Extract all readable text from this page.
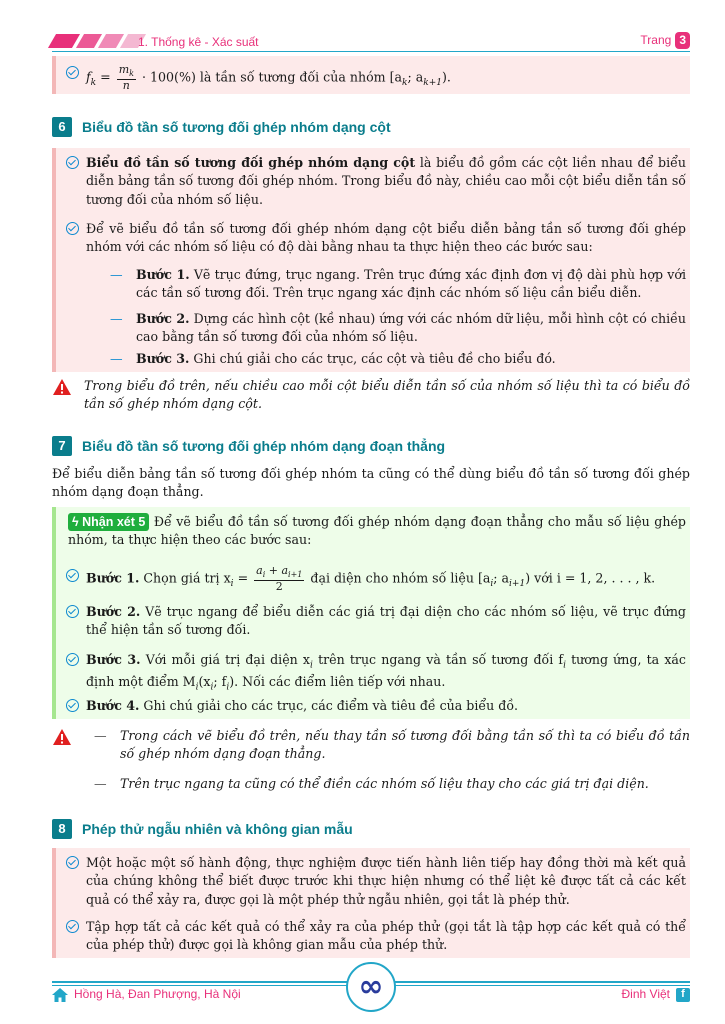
1. Thống kê - Xác suất	Trang 3
$f_k = \frac{m_k}{n} \cdot 100(\%)$ là tần số tương đối của nhóm [$a_k$; $a_{k+1}$).
6	Biểu đồ tần số tương đối ghép nhóm dạng cột
Biểu đồ tần số tương đối ghép nhóm dạng cột là biểu đồ gồm các cột liền nhau để biểu diễn bảng tần số tương đối ghép nhóm. Trong biểu đồ này, chiều cao mỗi cột biểu diễn tần số tương đối của nhóm số liệu.
Để vẽ biểu đồ tần số tương đối ghép nhóm dạng cột biểu diễn bảng tần số tương đối ghép nhóm với các nhóm số liệu có độ dài bằng nhau ta thực hiện theo các bước sau:
— Bước 1. Vẽ trục đứng, trục ngang. Trên trục đứng xác định đơn vị độ dài phù hợp với các tần số tương đối. Trên trục ngang xác định các nhóm số liệu cần biểu diễn.
— Bước 2. Dựng các hình cột (kề nhau) ứng với các nhóm dữ liệu, mỗi hình cột có chiều cao bằng tần số tương đối của nhóm số liệu.
— Bước 3. Ghi chú giải cho các trục, các cột và tiêu đề cho biểu đó.
Trong biểu đồ trên, nếu chiều cao mỗi cột biểu diễn tần số của nhóm số liệu thì ta có biểu đồ tần số ghép nhóm dạng cột.
7	Biểu đồ tần số tương đối ghép nhóm dạng đoạn thẳng
Để biểu diễn bảng tần số tương đối ghép nhóm ta cũng có thể dùng biểu đồ tần số tương đối ghép nhóm dạng đoạn thẳng.
ϟ Nhận xét 5 Để vẽ biểu đồ tần số tương đối ghép nhóm dạng đoạn thẳng cho mẫu số liệu ghép nhóm, ta thực hiện theo các bước sau:
Bước 1. Chọn giá trị $x_i = \frac{a_i + a_{i+1}}{2}$ đại diện cho nhóm số liệu [$a_i$; $a_{i+1}$) với i = 1, 2, . . . , k.
Bước 2. Vẽ trục ngang để biểu diễn các giá trị đại diện cho các nhóm số liệu, vẽ trục đứng thể hiện tần số tương đối.
Bước 3. Với mỗi giá trị đại diện $x_i$ trên trục ngang và tần số tương đối $f_i$ tương ứng, ta xác định một điểm $M_i(x_i$; $f_i$). Nối các điểm liên tiếp với nhau.
Bước 4. Ghi chú giải cho các trục, các điểm và tiêu đề của biểu đồ.
— Trong cách vẽ biểu đồ trên, nếu thay tần số tương đối bằng tần số thì ta có biểu đồ tần số ghép nhóm dạng đoạn thẳng.
— Trên trục ngang ta cũng có thể điền các nhóm số liệu thay cho các giá trị đại diện.
8	Phép thử ngẫu nhiên và không gian mẫu
Một hoặc một số hành động, thực nghiệm được tiến hành liên tiếp hay đồng thời mà kết quả của chúng không thể biết được trước khi thực hiện nhưng có thể liệt kê được tất cả các kết quả có thể xảy ra, được gọi là một phép thử ngẫu nhiên, gọi tắt là phép thử.
Tập hợp tất cả các kết quả có thể xảy ra của phép thử (gọi tắt là tập hợp các kết quả có thể của phép thử) được gọi là không gian mẫu của phép thử.
Hồng Hà, Đan Phượng, Hà Nội	∞	Đinh Việt	f
